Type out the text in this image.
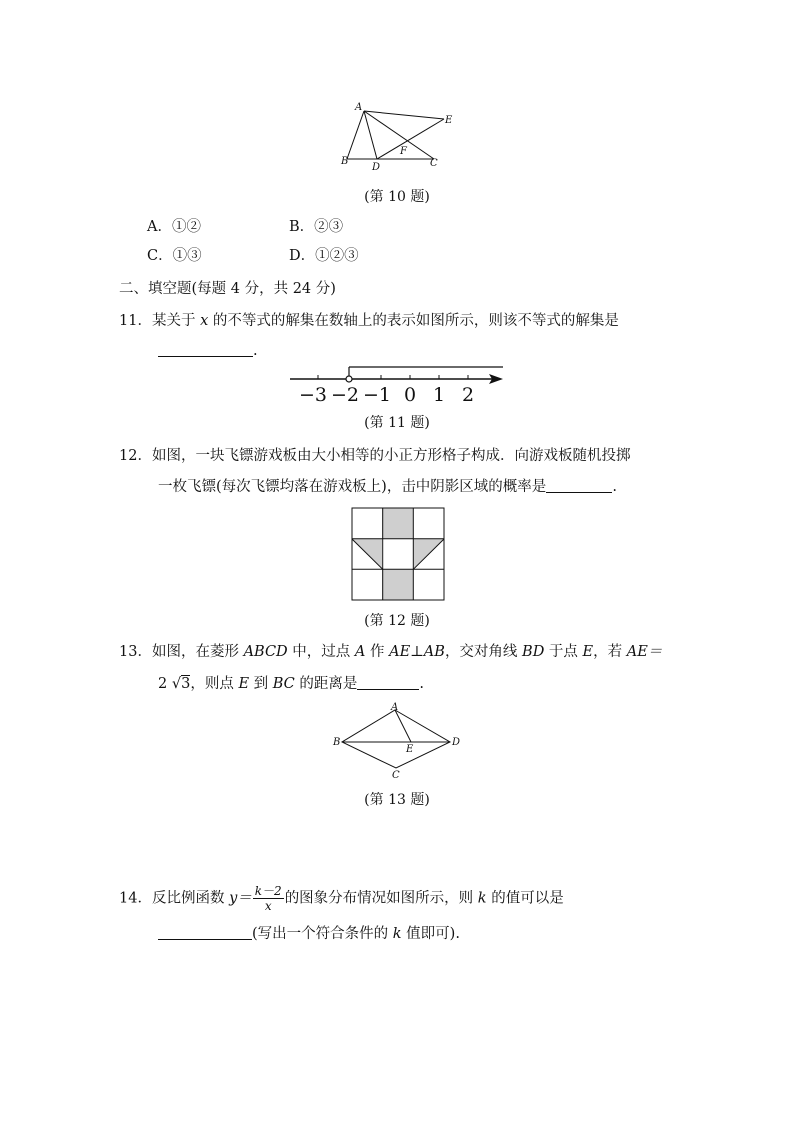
A
E
B
D
F
C
(第 10 题)
A．①②	B．②③
C．①③	D．①②③
二、填空题(每题 4 分，共 24 分)
11．某关于 x 的不等式的解集在数轴上的表示如图所示，则该不等式的解集是
.
−3 −2 −1 0 1 2
(第 11 题)
12．如图，一块飞镖游戏板由大小相等的小正方形格子构成．向游戏板随机投掷
一枚飞镖(每次飞镖均落在游戏板上)，击中阴影区域的概率是	.
(第 12 题)
13．如图，在菱形 ABCD 中，过点 A 作 AE⊥AB，交对角线 BD 于点 E，若 AE＝
2 √3，则点 E 到 BC 的距离是	.
A
B	D
E
C
(第 13 题)
14．反比例函数 $y= \frac{k-2}{x}$ 的图象分布情况如图所示，则 k 的值可以是
(写出一个符合条件的 k 值即可).
